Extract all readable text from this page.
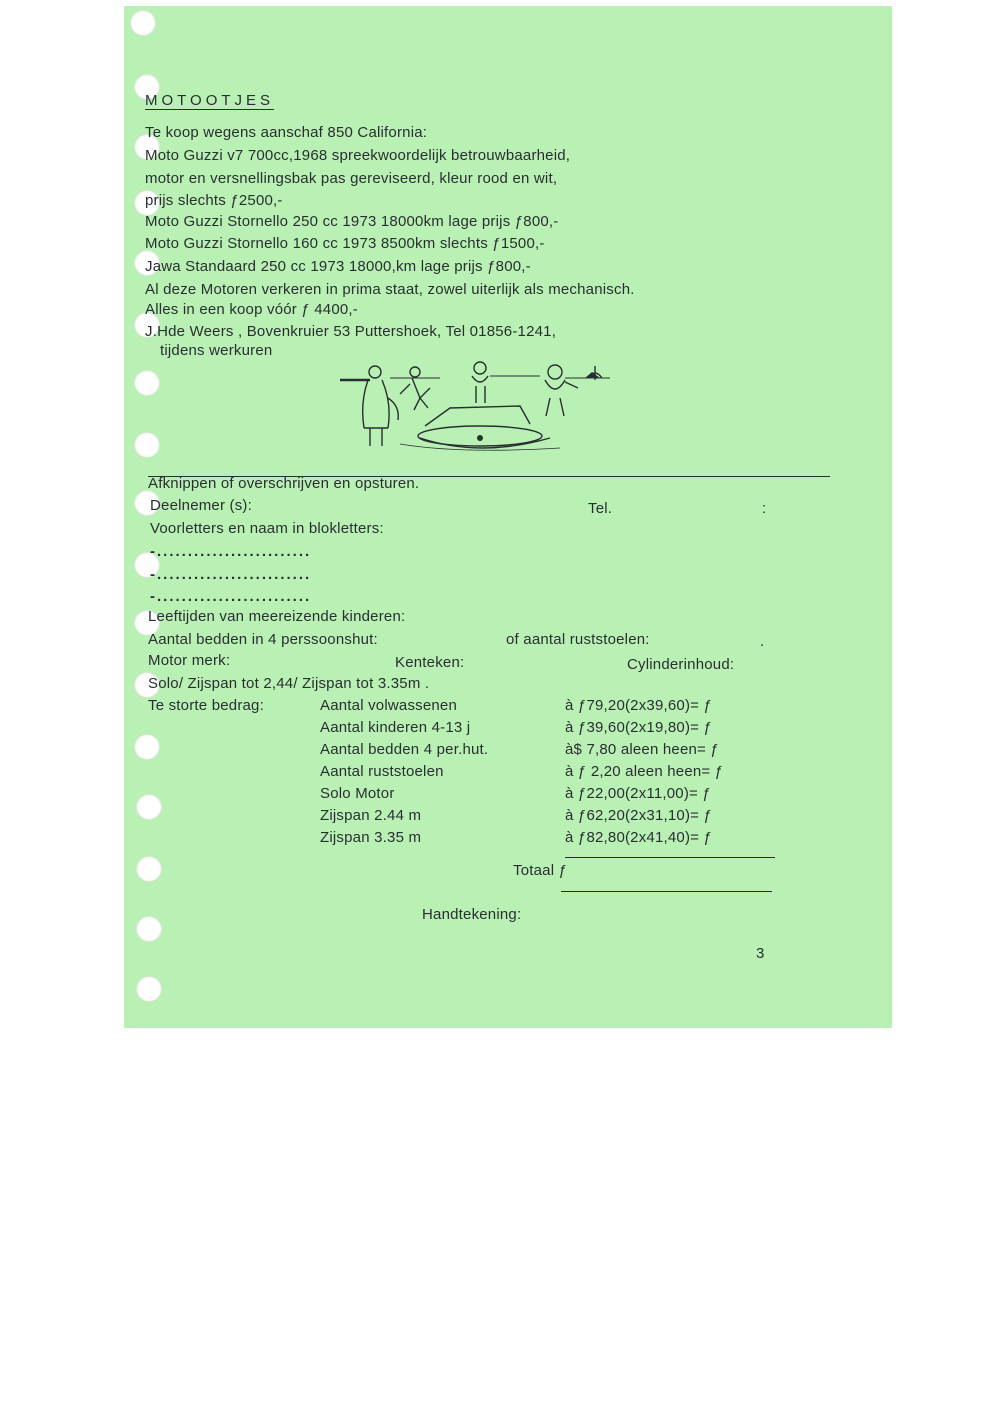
MOTOOTJES
Te koop wegens aanschaf 850 California:
Moto Guzzi v7 700cc,1968 spreekwoordelijk betrouwbaarheid,
motor en versnellingsbak pas gereviseerd, kleur rood en wit,
prijs slechts ƒ2500,-
Moto Guzzi Stornello 250 cc 1973 18000km lage prijs ƒ800,-
Moto Guzzi Stornello 160 cc 1973 8500km slechts ƒ1500,-
Jawa Standaard 250 cc 1973 18000,km lage prijs ƒ800,-
Al deze Motoren verkeren in prima staat, zowel uiterlijk als mechanisch.
Alles in een koop vóór ƒ 4400,-
J.Hde Weers , Bovenkruier 53 Puttershoek, Tel 01856-1241,
tijdens werkuren
Afknippen of overschrijven en opsturen.
Deelnemer (s):	Tel.	:
Voorletters en naam in blokletters:
-.........................
-.........................
-.........................
Leeftijden van meereizende kinderen:
Aantal bedden in 4 perssoonshut:	of aantal ruststoelen:	.
Motor merk:	Kenteken:	Cylinderinhoud:
Solo/ Zijspan tot 2,44/ Zijspan tot 3.35m .
Te storte bedrag:	Aantal volwassenen	à ƒ79,20(2x39,60)= ƒ
Aantal kinderen 4-13 j	à ƒ39,60(2x19,80)= ƒ
Aantal bedden 4 per.hut.	à$ 7,80 aleen heen= ƒ
Aantal ruststoelen	à ƒ 2,20 aleen heen= ƒ
Solo Motor	à ƒ22,00(2x11,00)= ƒ
Zijspan 2.44 m	à ƒ62,20(2x31,10)= ƒ
Zijspan 3.35 m	à ƒ82,80(2x41,40)= ƒ
Totaal ƒ
Handtekening:
3
